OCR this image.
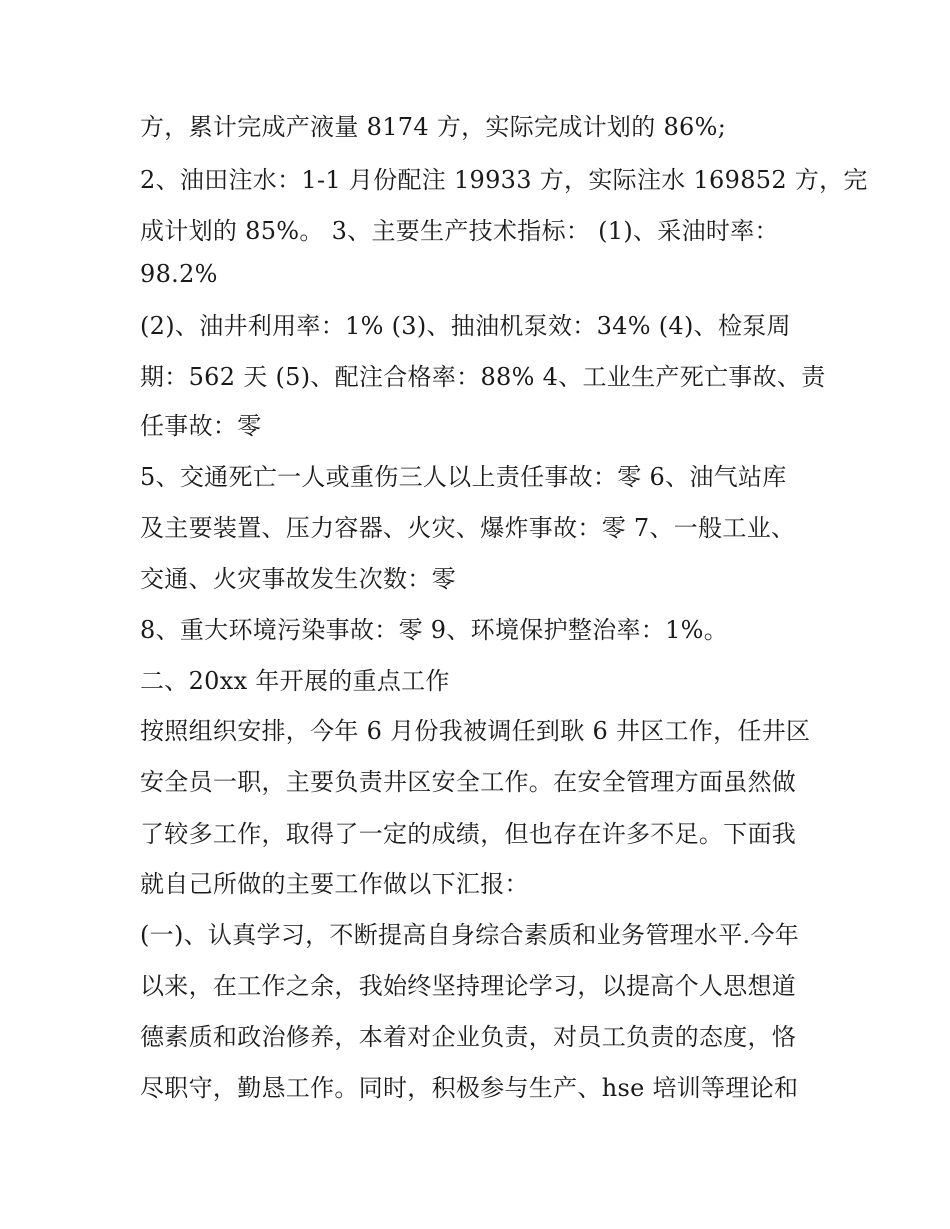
方，累计完成产液量 8174 方，实际完成计划的 86%;
2、油田注水：1-1 月份配注 19933 方，实际注水 169852 方，完
成计划的 85%。 3、主要生产技术指标： (1)、采油时率：
98.2%
(2)、油井利用率：1% (3)、抽油机泵效：34% (4)、检泵周
期：562 天 (5)、配注合格率：88% 4、工业生产死亡事故、责
任事故：零
5、交通死亡一人或重伤三人以上责任事故：零 6、油气站库
及主要装置、压力容器、火灾、爆炸事故：零 7、一般工业、
交通、火灾事故发生次数：零
8、重大环境污染事故：零 9、环境保护整治率：1%。
二、20xx 年开展的重点工作
按照组织安排，今年 6 月份我被调任到耿 6 井区工作，任井区
安全员一职，主要负责井区安全工作。在安全管理方面虽然做
了较多工作，取得了一定的成绩，但也存在许多不足。下面我
就自己所做的主要工作做以下汇报：
(一)、认真学习，不断提高自身综合素质和业务管理水平.今年
以来，在工作之余，我始终坚持理论学习，以提高个人思想道
德素质和政治修养，本着对企业负责，对员工负责的态度，恪
尽职守，勤恳工作。同时，积极参与生产、hse 培训等理论和
